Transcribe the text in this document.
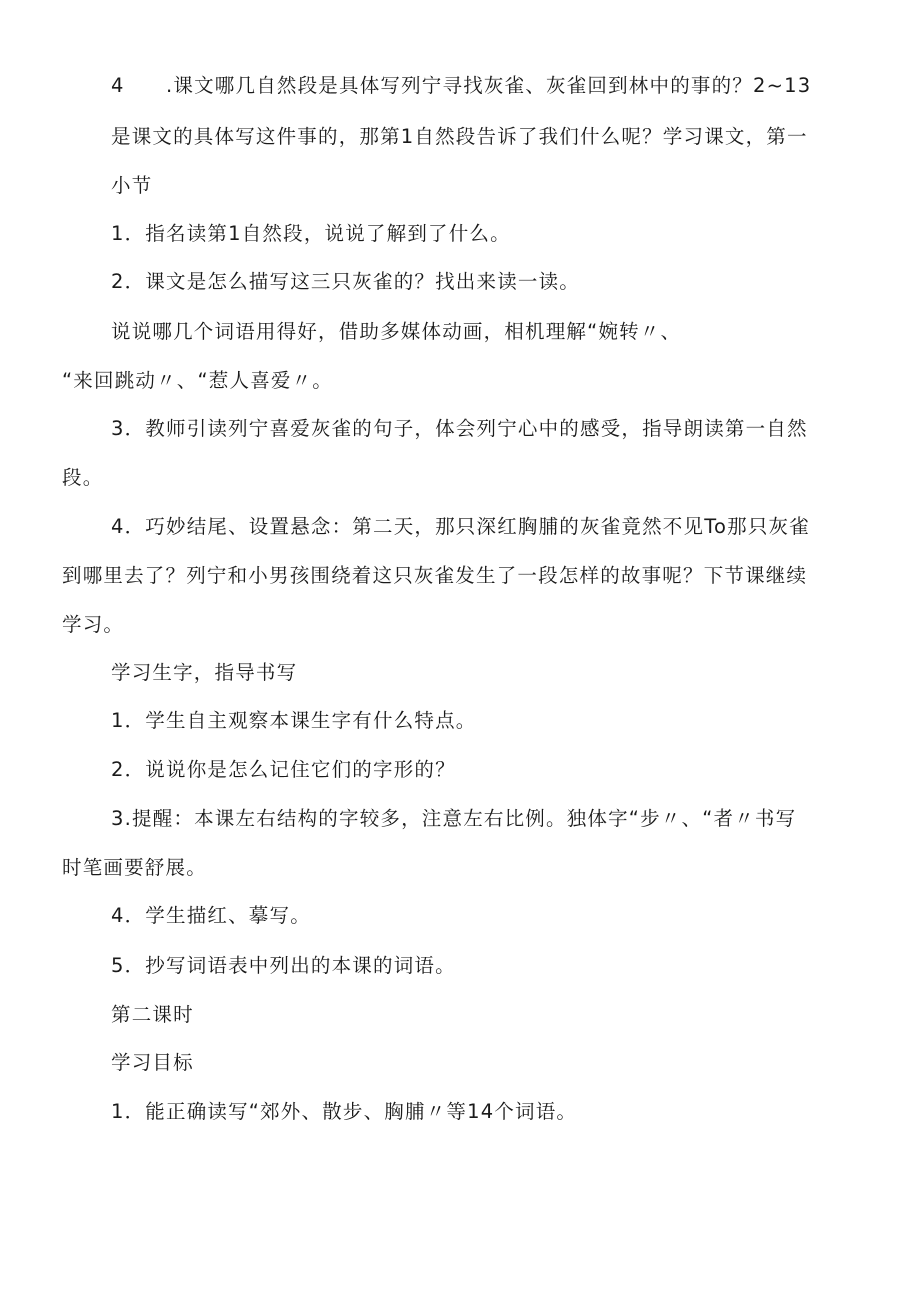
4　　.课文哪几自然段是具体写列宁寻找灰雀、灰雀回到林中的事的？2~13
是课文的具体写这件事的，那第1自然段告诉了我们什么呢？学习课文，第一
小节
1．指名读第1自然段，说说了解到了什么。
2．课文是怎么描写这三只灰雀的？找出来读一读。
说说哪几个词语用得好，借助多媒体动画，相机理解“婉转〃、
“来回跳动〃、“惹人喜爱〃。
3．教师引读列宁喜爱灰雀的句子，体会列宁心中的感受，指导朗读第一自然
段。
4．巧妙结尾、设置悬念：第二天，那只深红胸脯的灰雀竟然不见To那只灰雀
到哪里去了？列宁和小男孩围绕着这只灰雀发生了一段怎样的故事呢？下节课继续
学习。
学习生字，指导书写
1．学生自主观察本课生字有什么特点。
2．说说你是怎么记住它们的字形的？
3.提醒：本课左右结构的字较多，注意左右比例。独体字“步〃、“者〃书写
时笔画要舒展。
4．学生描红、摹写。
5．抄写词语表中列出的本课的词语。
第二课时
学习目标
1．能正确读写“郊外、散步、胸脯〃等14个词语。
